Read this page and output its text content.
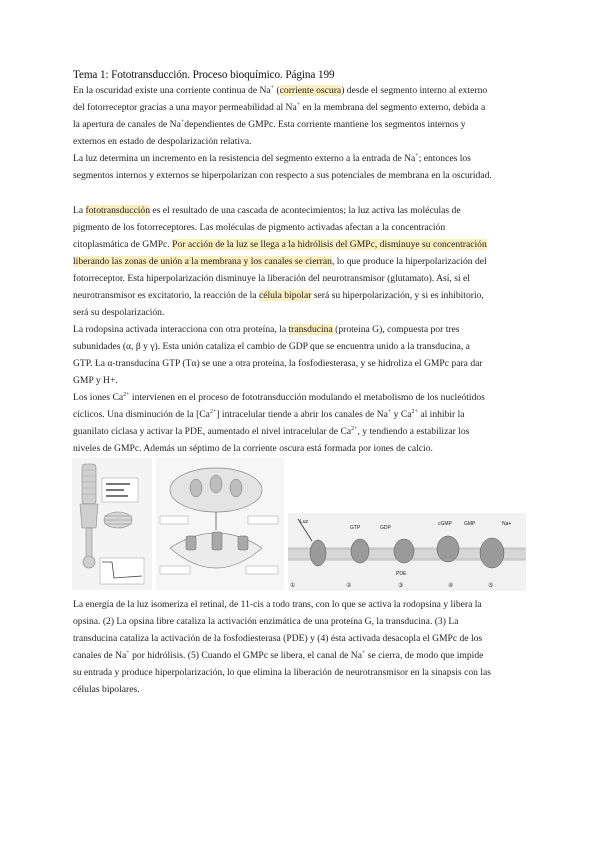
Tema 1: Fototransducción. Proceso bioquímico. Página 199
En la oscuridad existe una corriente continua de Na+ (corriente oscura) desde el segmento interno al externo
del fotorreceptor gracias a una mayor permeabilidad al Na+ en la membrana del segmento externo, debida a
la apertura de canales de Na+dependientes de GMPc. Esta corriente mantiene los segmentos internos y
externos en estado de despolarización relativa.
La luz determina un incremento en la resistencia del segmento externo a la entrada de Na+; entonces los
segmentos internos y externos se hiperpolarizan con respecto a sus potenciales de membrana en la oscuridad.
La fototransducción es el resultado de una cascada de acontecimientos; la luz activa las moléculas de
pigmento de los fotorreceptores. Las moléculas de pigmento activadas afectan a la concentración
citoplasmática de GMPc. Por acción de la luz se llega a la hidrólisis del GMPc, disminuye su concentración
liberando las zonas de unión a la membrana y los canales se cierran, lo que produce la hiperpolarización del
fotorreceptor. Esta hiperpolarización disminuye la liberación del neurotransmisor (glutamato). Así, si el
neurotransmisor es excitatorio, la reacción de la célula bipolar será su hiperpolarización, y si es inhibitorio,
será su despolarización.
La rodopsina activada interacciona con otra proteína, la transducina (proteína G), compuesta por tres
subunidades (α, β y γ). Esta unión cataliza el cambio de GDP que se encuentra unido a la transducina, a
GTP. La α-transducina GTP (Tα) se une a otra proteína, la fosfodiesterasa, y se hidroliza el GMPc para dar
GMP y H+.
Los iones $Ca^{2+}$ intervienen en el proceso de fototransducción modulando el metabolismo de los nucleótidos
cíclicos. Una disminución de la $[Ca^{2+}]$ intracelular tiende a abrir los canales de Na+ y $Ca^{2+}$ al inhibir la
guanilato ciclasa y activar la PDE, aumentado el nivel intracelular de $Ca^{2+}$, y tendiendo a estabilizar los
niveles de GMPc. Además un séptimo de la corriente oscura está formada por iones de calcio.
Luz
GTP	GDP
cGMP GMP
PDE
Na+
①	②	③	④	⑤
La energía de la luz isomeriza el retinal, de 11-cis a todo trans, con lo que se activa la rodopsina y libera la
opsina. (2) La opsina libre cataliza la activación enzimática de una proteína G, la transducina. (3) La
transducina cataliza la activación de la fosfodiesterasa (PDE) y (4) ésta activada desacopla el GMPc de los
canales de Na+ por hidrólisis. (5) Cuando el GMPc se libera, el canal de Na+ se cierra, de modo que impide
su entrada y produce hiperpolarización, lo que elimina la liberación de neurotransmisor en la sinapsis con las
células bipolares.
